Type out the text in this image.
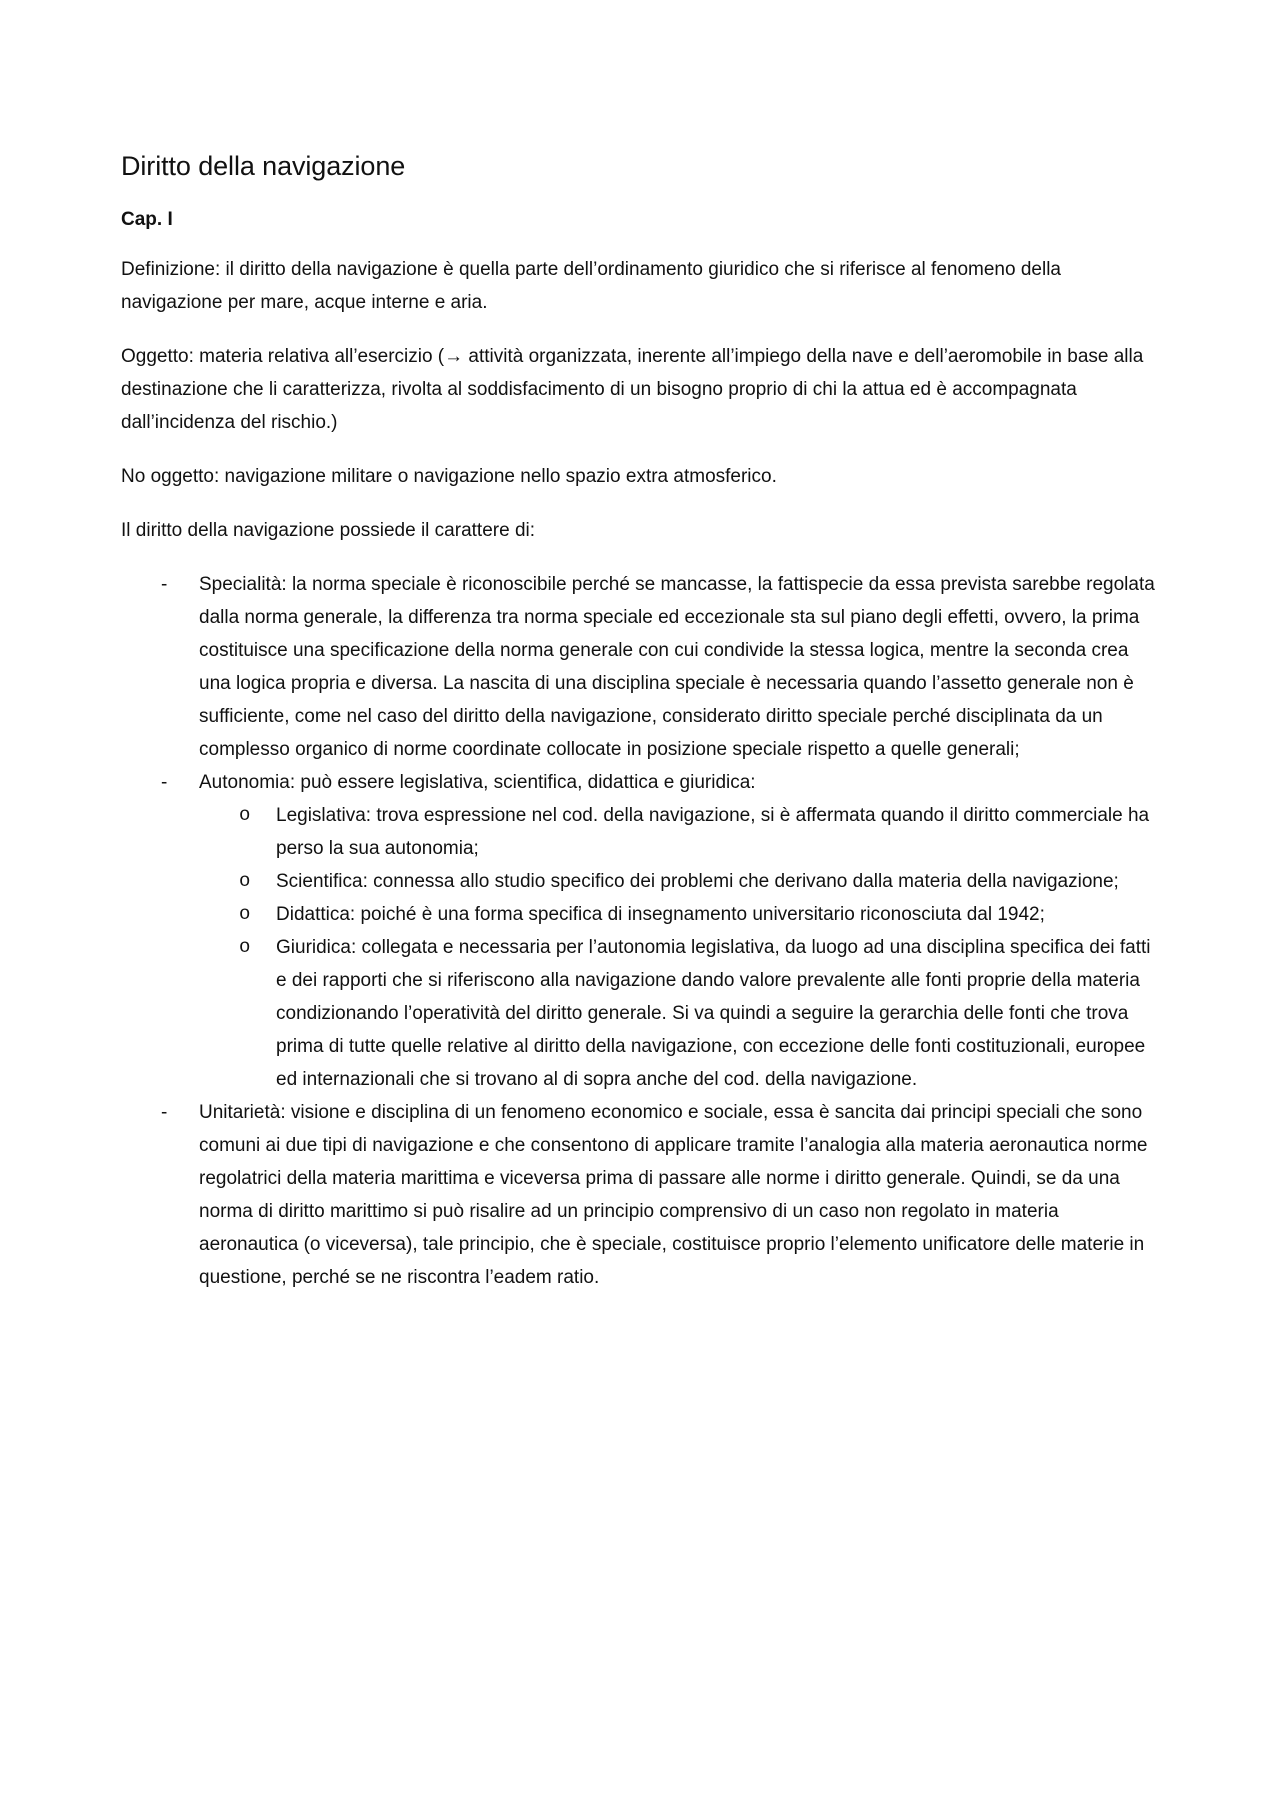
Diritto della navigazione
Cap. I

Definizione: il diritto della navigazione è quella parte dell’ordinamento giuridico che si riferisce al fenomeno della navigazione per mare, acque interne e aria.

Oggetto: materia relativa all’esercizio (→ attività organizzata, inerente all’impiego della nave e dell’aeromobile in base alla destinazione che li caratterizza, rivolta al soddisfacimento di un bisogno proprio di chi la attua ed è accompagnata dall’incidenza del rischio.)

No oggetto: navigazione militare o navigazione nello spazio extra atmosferico.

Il diritto della navigazione possiede il carattere di:

- Specialità: la norma speciale è riconoscibile perché se mancasse, la fattispecie da essa prevista sarebbe regolata dalla norma generale, la differenza tra norma speciale ed eccezionale sta sul piano degli effetti, ovvero, la prima costituisce una specificazione della norma generale con cui condivide la stessa logica, mentre la seconda crea una logica propria e diversa. La nascita di una disciplina speciale è necessaria quando l’assetto generale non è sufficiente, come nel caso del diritto della navigazione, considerato diritto speciale perché disciplinata da un complesso organico di norme coordinate collocate in posizione speciale rispetto a quelle generali;
- Autonomia: può essere legislativa, scientifica, didattica e giuridica:
o Legislativa: trova espressione nel cod. della navigazione, si è affermata quando il diritto commerciale ha perso la sua autonomia;
o Scientifica: connessa allo studio specifico dei problemi che derivano dalla materia della navigazione;
o Didattica: poiché è una forma specifica di insegnamento universitario riconosciuta dal 1942;
o Giuridica: collegata e necessaria per l’autonomia legislativa, da luogo ad una disciplina specifica dei fatti e dei rapporti che si riferiscono alla navigazione dando valore prevalente alle fonti proprie della materia condizionando l’operatività del diritto generale. Si va quindi a seguire la gerarchia delle fonti che trova prima di tutte quelle relative al diritto della navigazione, con eccezione delle fonti costituzionali, europee ed internazionali che si trovano al di sopra anche del cod. della navigazione.
- Unitarietà: visione e disciplina di un fenomeno economico e sociale, essa è sancita dai principi speciali che sono comuni ai due tipi di navigazione e che consentono di applicare tramite l’analogia alla materia aeronautica norme regolatrici della materia marittima e viceversa prima di passare alle norme i diritto generale. Quindi, se da una norma di diritto marittimo si può risalire ad un principio comprensivo di un caso non regolato in materia aeronautica (o viceversa), tale principio, che è speciale, costituisce proprio l’elemento unificatore delle materie in questione, perché se ne riscontra l’eadem ratio.
